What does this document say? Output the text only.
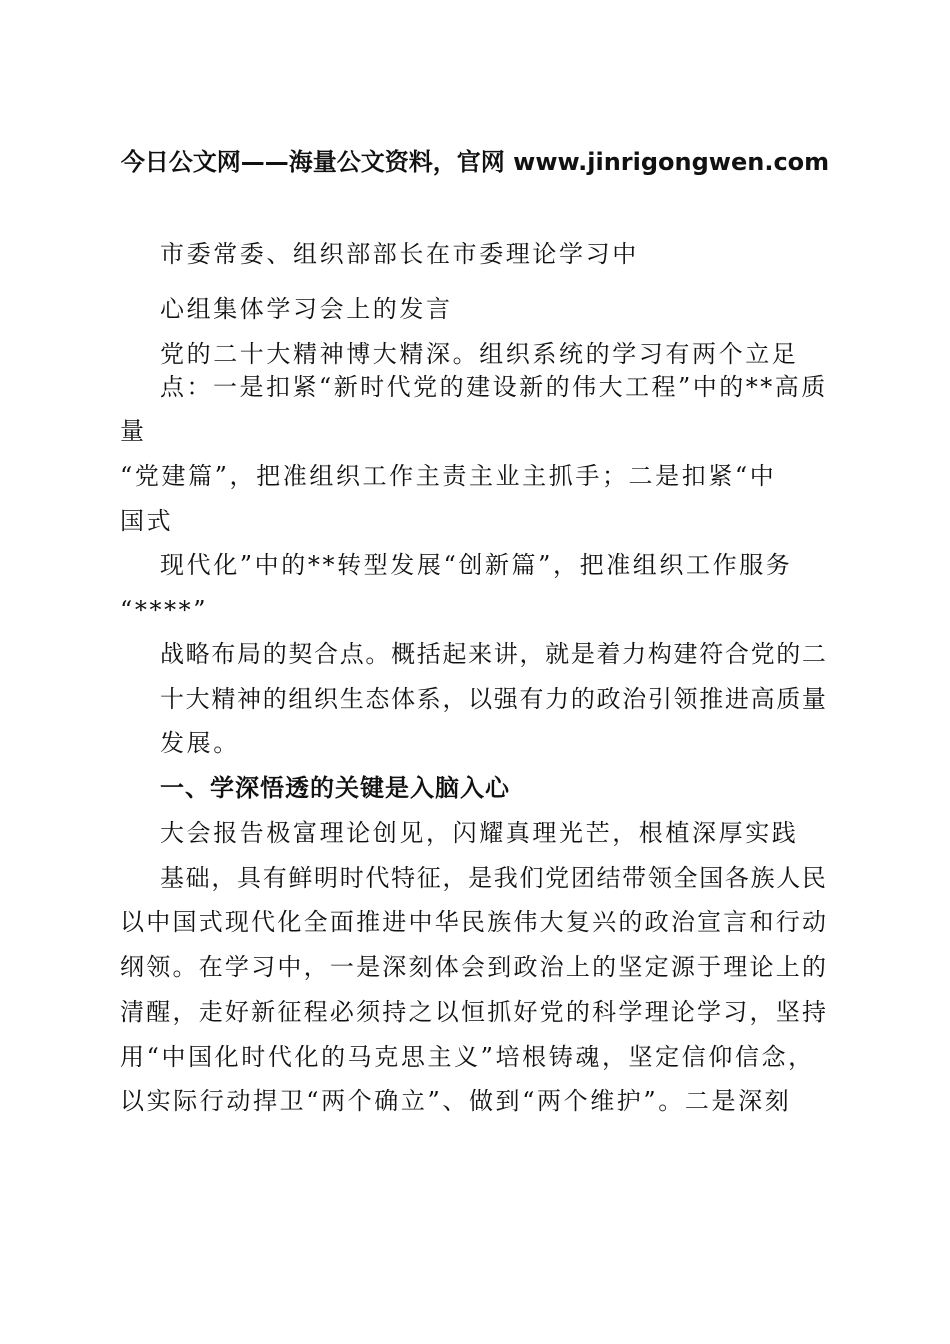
今日公文网——海量公文资料，官网 www.jinrigongwen.com
市委常委、组织部部长在市委理论学习中
心组集体学习会上的发言
党的二十大精神博大精深。组织系统的学习有两个立足
点：一是扣紧“新时代党的建设新的伟大工程”中的**高质
量
“党建篇”，把准组织工作主责主业主抓手；二是扣紧“中
国式
现代化”中的**转型发展“创新篇”，把准组织工作服务
“****”
战略布局的契合点。概括起来讲，就是着力构建符合党的二
十大精神的组织生态体系，以强有力的政治引领推进高质量
发展。
一、学深悟透的关键是入脑入心
大会报告极富理论创见，闪耀真理光芒，根植深厚实践
基础，具有鲜明时代特征，是我们党团结带领全国各族人民
以中国式现代化全面推进中华民族伟大复兴的政治宣言和行动
纲领。在学习中，一是深刻体会到政治上的坚定源于理论上的
清醒，走好新征程必须持之以恒抓好党的科学理论学习，坚持
用“中国化时代化的马克思主义”培根铸魂，坚定信仰信念，
以实际行动捍卫“两个确立”、做到“两个维护”。二是深刻
